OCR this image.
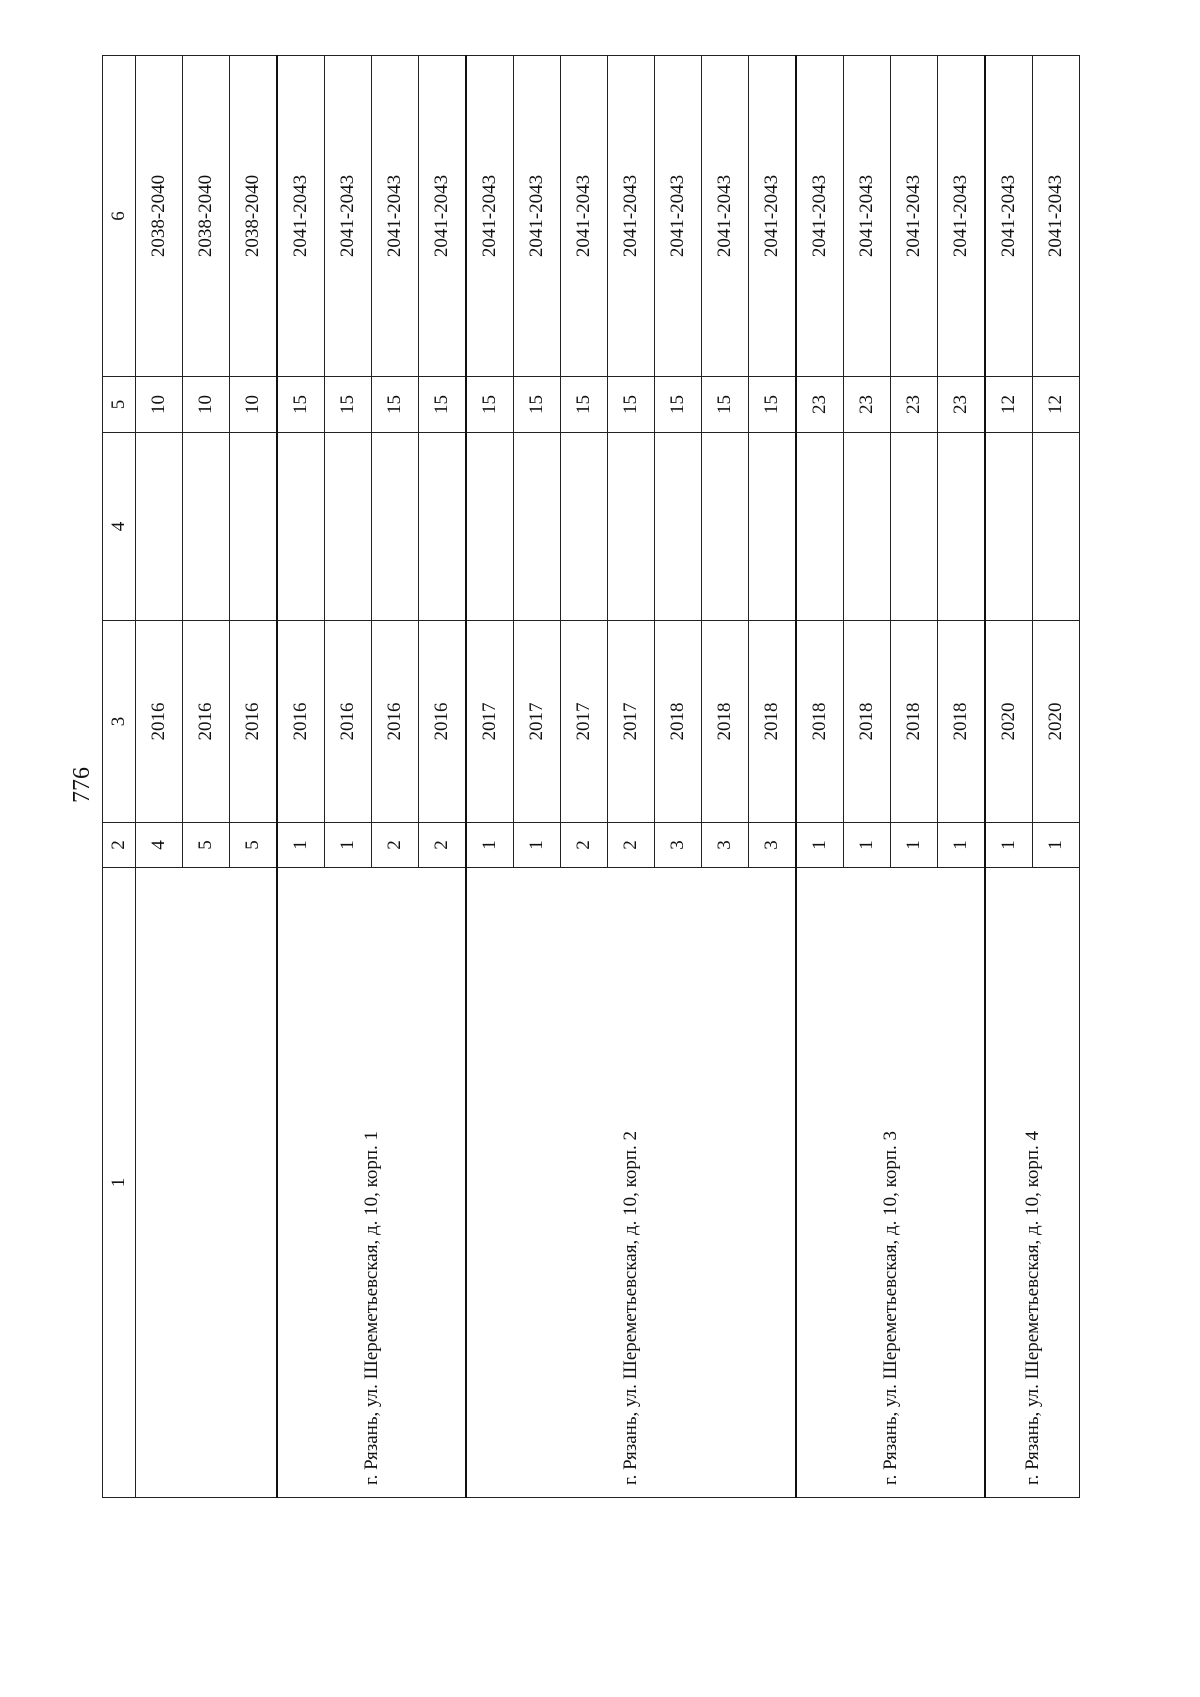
776
1	2	3	4	5	6
	4	2016		10	2038-2040
	5	2016		10	2038-2040
	5	2016		10	2038-2040
г. Рязань, ул. Шереметьевская, д. 10, корп. 1	1	2016		15	2041-2043
	1	2016		15	2041-2043
	2	2016		15	2041-2043
	2	2016		15	2041-2043
г. Рязань, ул. Шереметьевская, д. 10, корп. 2	1	2017		15	2041-2043
	1	2017		15	2041-2043
	2	2017		15	2041-2043
	2	2017		15	2041-2043
	3	2018		15	2041-2043
	3	2018		15	2041-2043
	3	2018		15	2041-2043
г. Рязань, ул. Шереметьевская, д. 10, корп. 3	1	2018		23	2041-2043
	1	2018		23	2041-2043
	1	2018		23	2041-2043
	1	2018		23	2041-2043
г. Рязань, ул. Шереметьевская, д. 10, корп. 4	1	2020		12	2041-2043
	1	2020		12	2041-2043
